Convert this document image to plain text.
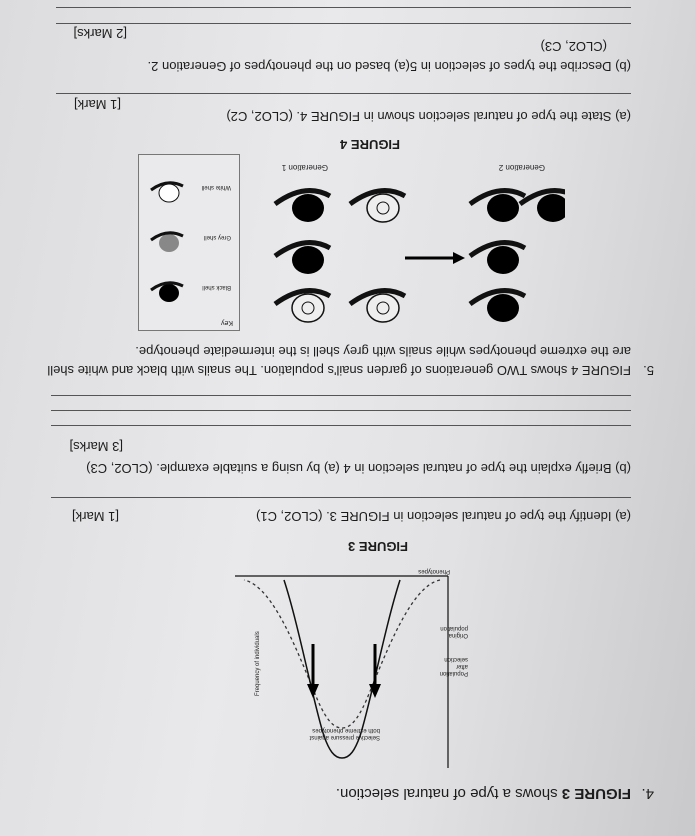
4.
FIGURE 3 shows a type of natural selection.
Frequency of individuals
Selective pressure against
both extreme phenotypes
Population
after
selection
Original
population
Phenotypes
FIGURE 3
(a) Identify the type of natural selection in FIGURE 3. (CLO2, C1)
[1 Mark]
(b) Briefly explain the type of natural selection in 4 (a) by using a suitable example. (CLO2, C3)
[3 Marks]
5.
FIGURE 4 shows TWO generations of garden snail's population. The snails with black and white shell
are the extreme phenotypes while snails with grey shell is the intermediate phenotype.
Key
Black shell
Grey shell
White shell
Generation 1	Generation 2
FIGURE 4
(a) State the type of natural selection shown in FIGURE 4. (CLO2, C2)
[1 Mark]
(b) Describe the types of selection in 5(a) based on the phenotypes of Generation 2.
(CLO2, C3)
[2 Marks]
